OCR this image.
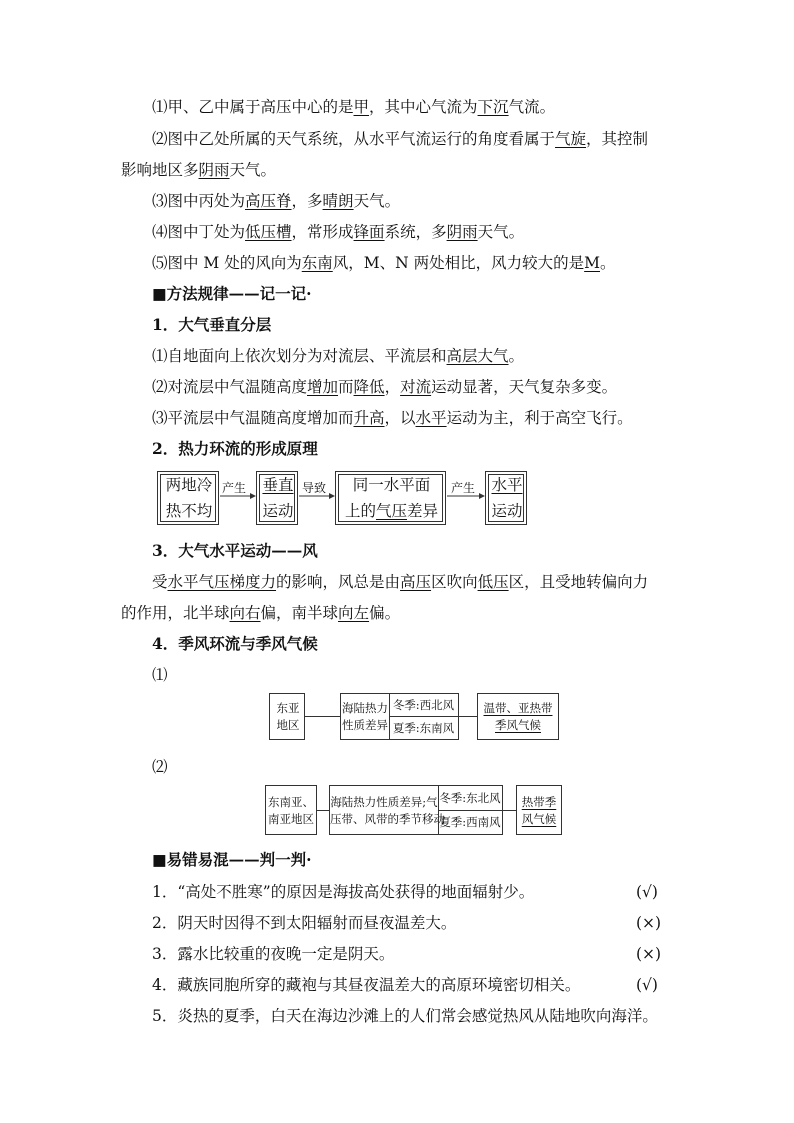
⑴甲、乙中属于高压中心的是甲，其中心气流为下沉气流。
⑵图中乙处所属的天气系统，从水平气流运行的角度看属于气旋，其控制
影响地区多阴雨天气。
⑶图中丙处为高压脊，多晴朗天气。
⑷图中丁处为低压槽，常形成锋面系统，多阴雨天气。
⑸图中 M 处的风向为东南风，M、N 两处相比，风力较大的是M。
■方法规律——记一记·
1．大气垂直分层
⑴自地面向上依次划分为对流层、平流层和高层大气。
⑵对流层中气温随高度增加而降低，对流运动显著，天气复杂多变。
⑶平流层中气温随高度增加而升高，以水平运动为主，利于高空飞行。
2．热力环流的形成原理
两地冷
热不均
产生	垂直
运动
导致	同一水平面
上的气压差异
产生	水平
运动
3．大气水平运动——风
受水平气压梯度力的影响，风总是由高压区吹向低压区，且受地转偏向力
的作用，北半球向右偏，南半球向左偏。
4．季风环流与季风气候
⑴
东亚
地区
海陆热力
性质差异
冬季:西北风
夏季:东南风
温带、亚热带
季风气候
⑵
东南亚、
南亚地区
海陆热力性质差异;气
压带、风带的季节移动
冬季:东北风
夏季:西南风
热带季
风气候
■易错易混——判一判·
1．“高处不胜寒”的原因是海拔高处获得的地面辐射少。	(√)
2．阴天时因得不到太阳辐射而昼夜温差大。	(×)
3．露水比较重的夜晚一定是阴天。	(×)
4．藏族同胞所穿的藏袍与其昼夜温差大的高原环境密切相关。	(√)
5．炎热的夏季，白天在海边沙滩上的人们常会感觉热风从陆地吹向海洋。
